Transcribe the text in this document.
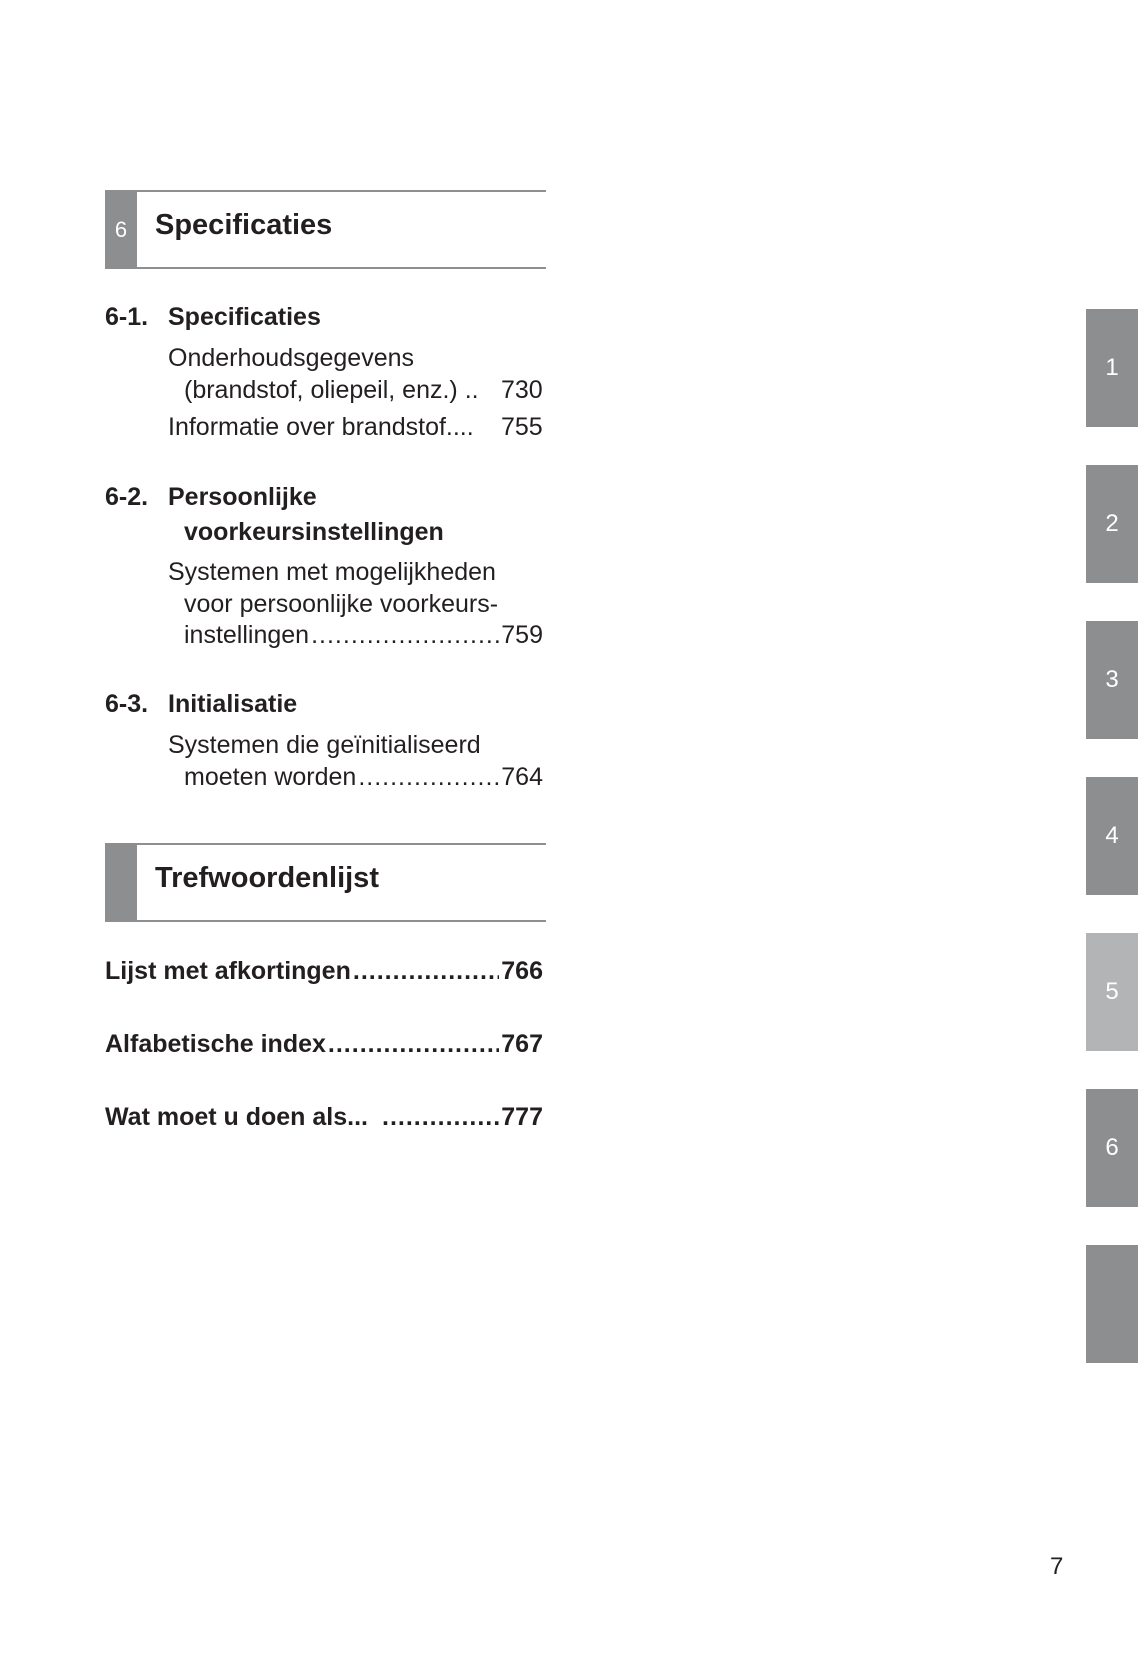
6 Specificaties
6-1. Specificaties
Onderhoudsgegevens
(brandstof, oliepeil, enz.) .. 730
Informatie over brandstof.... 755
6-2. Persoonlijke
voorkeursinstellingen
Systemen met mogelijkheden
voor persoonlijke voorkeurs-
instellingen .....	759
6-3. Initialisatie
Systemen die geïnitialiseerd
moeten worden .....	764
Trefwoordenlijst
Lijst met afkortingen .....	766
Alfabetische index .....	767
Wat moet u doen als... .....	777
1
2
3
4
5
6
7
